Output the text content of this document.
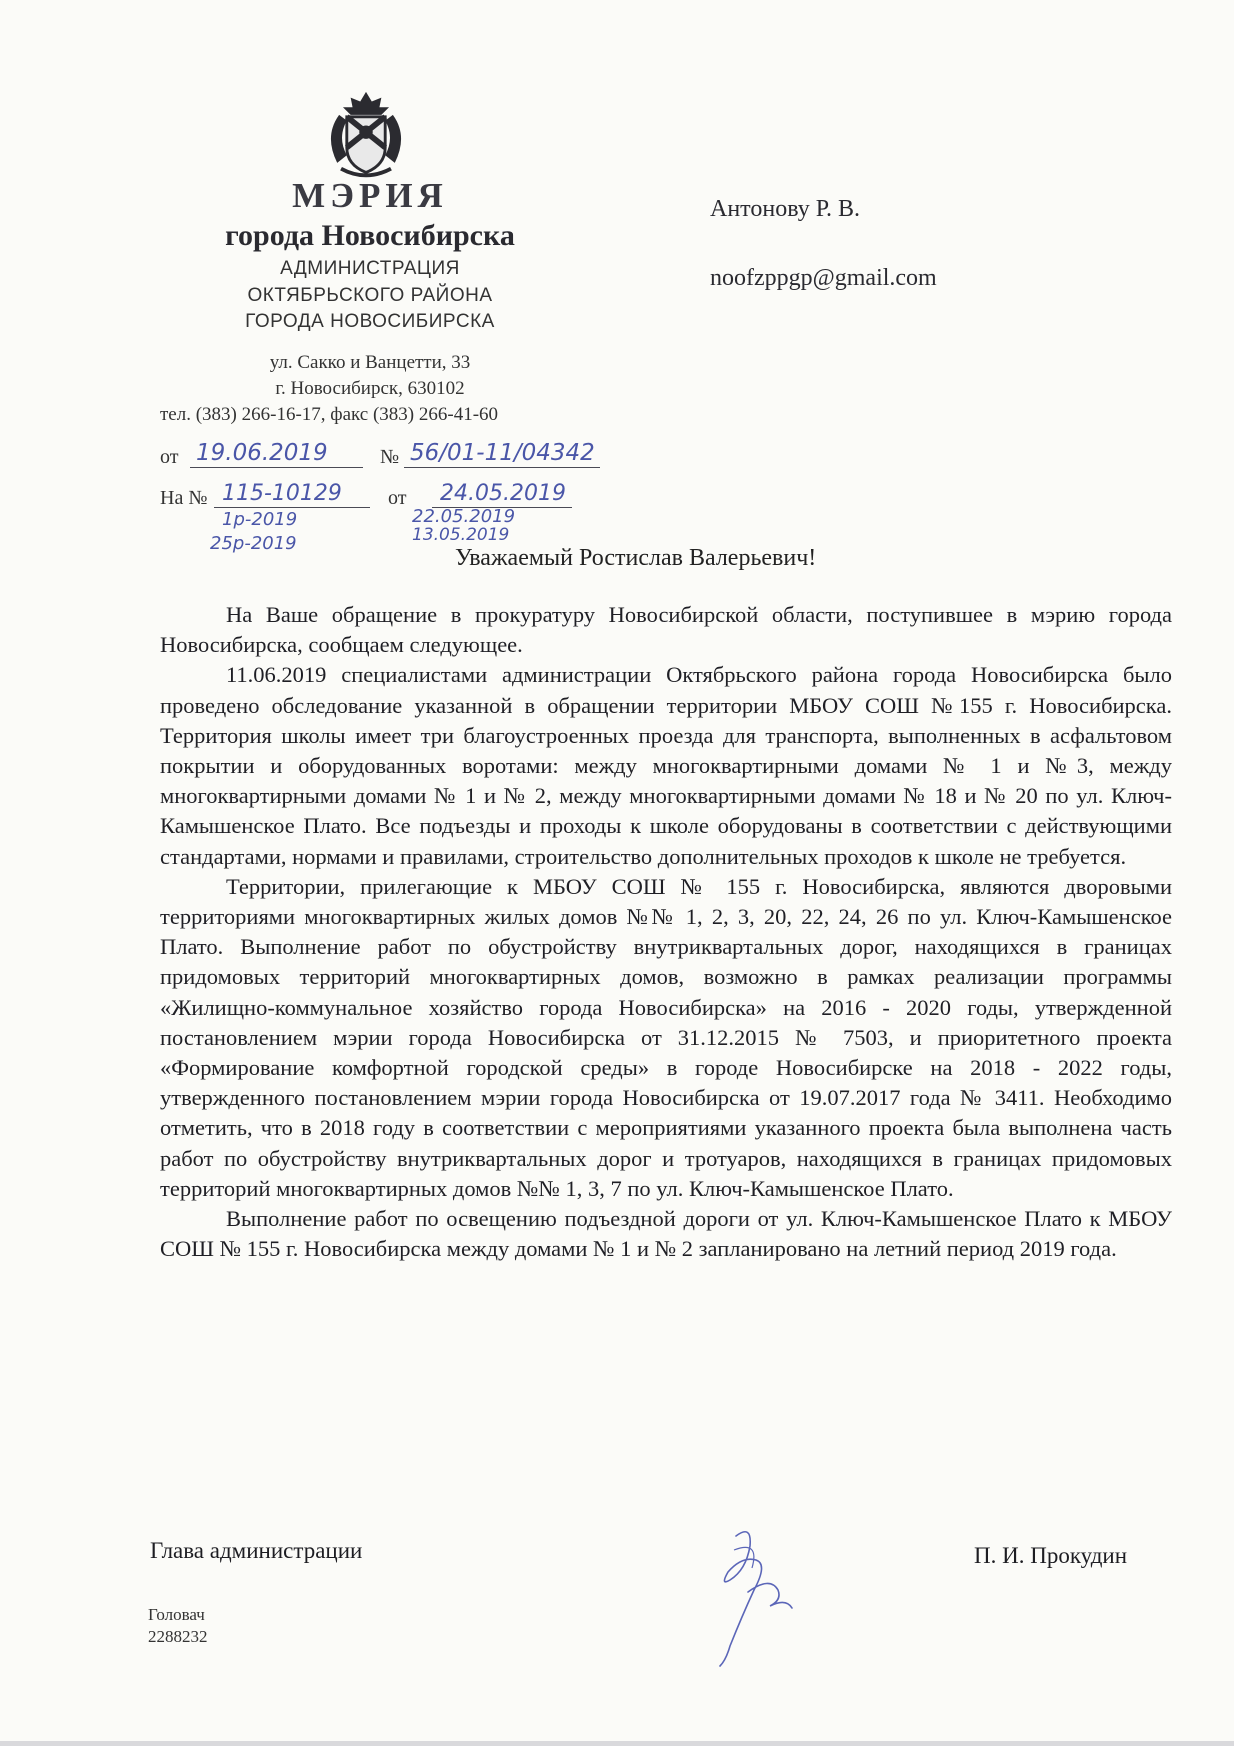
МЭРИЯ
города Новосибирска
АДМИНИСТРАЦИЯ
ОКТЯБРЬСКОГО РАЙОНА
ГОРОДА НОВОСИБИРСКА
ул. Сакко и Ванцетти, 33
г. Новосибирск, 630102
тел. (383) 266-16-17, факс (383) 266-41-60
Антонову Р. В.
noofzppgp@gmail.com
от 19.06.2019	№ 56/01-11/04342
На № 115-10129 от 24.05.2019
1р-2019
25р-2019
22.05.2019
13.05.2019
Уважаемый Ростислав Валерьевич!

На Ваше обращение в прокуратуру Новосибирской области, поступившее в мэрию города Новосибирска, сообщаем следующее.

11.06.2019 специалистами администрации Октябрьского района города Новосибирска было проведено обследование указанной в обращении территории МБОУ СОШ №155 г. Новосибирска. Территория школы имеет три благоустроенных проезда для транспорта, выполненных в асфальтовом покрытии и оборудованных воротами: между многоквартирными домами № 1 и №3, между многоквартирными домами № 1 и № 2, между многоквартирными домами № 18 и № 20 по ул. Ключ-Камышенское Плато. Все подъезды и проходы к школе оборудованы в соответствии с действующими стандартами, нормами и правилами, строительство дополнительных проходов к школе не требуется.

Территории, прилегающие к МБОУ СОШ № 155 г. Новосибирска, являются дворовыми территориями многоквартирных жилых домов №№ 1, 2, 3, 20, 22, 24, 26 по ул. Ключ-Камышенское Плато. Выполнение работ по обустройству внутриквартальных дорог, находящихся в границах придомовых территорий многоквартирных домов, возможно в рамках реализации программы «Жилищно-коммунальное хозяйство города Новосибирска» на 2016 - 2020 годы, утвержденной постановлением мэрии города Новосибирска от 31.12.2015 № 7503, и приоритетного проекта «Формирование комфортной городской среды» в городе Новосибирске на 2018 - 2022 годы, утвержденного постановлением мэрии города Новосибирска от 19.07.2017 года № 3411. Необходимо отметить, что в 2018 году в соответствии с мероприятиями указанного проекта была выполнена часть работ по обустройству внутриквартальных дорог и тротуаров, находящихся в границах придомовых территорий многоквартирных домов №№ 1, 3, 7 по ул. Ключ-Камышенское Плато.

Выполнение работ по освещению подъездной дороги от ул. Ключ-Камышенское Плато к МБОУ СОШ № 155 г. Новосибирска между домами № 1 и № 2 запланировано на летний период 2019 года.

Глава администрации	П. И. Прокудин
Головач
2288232
